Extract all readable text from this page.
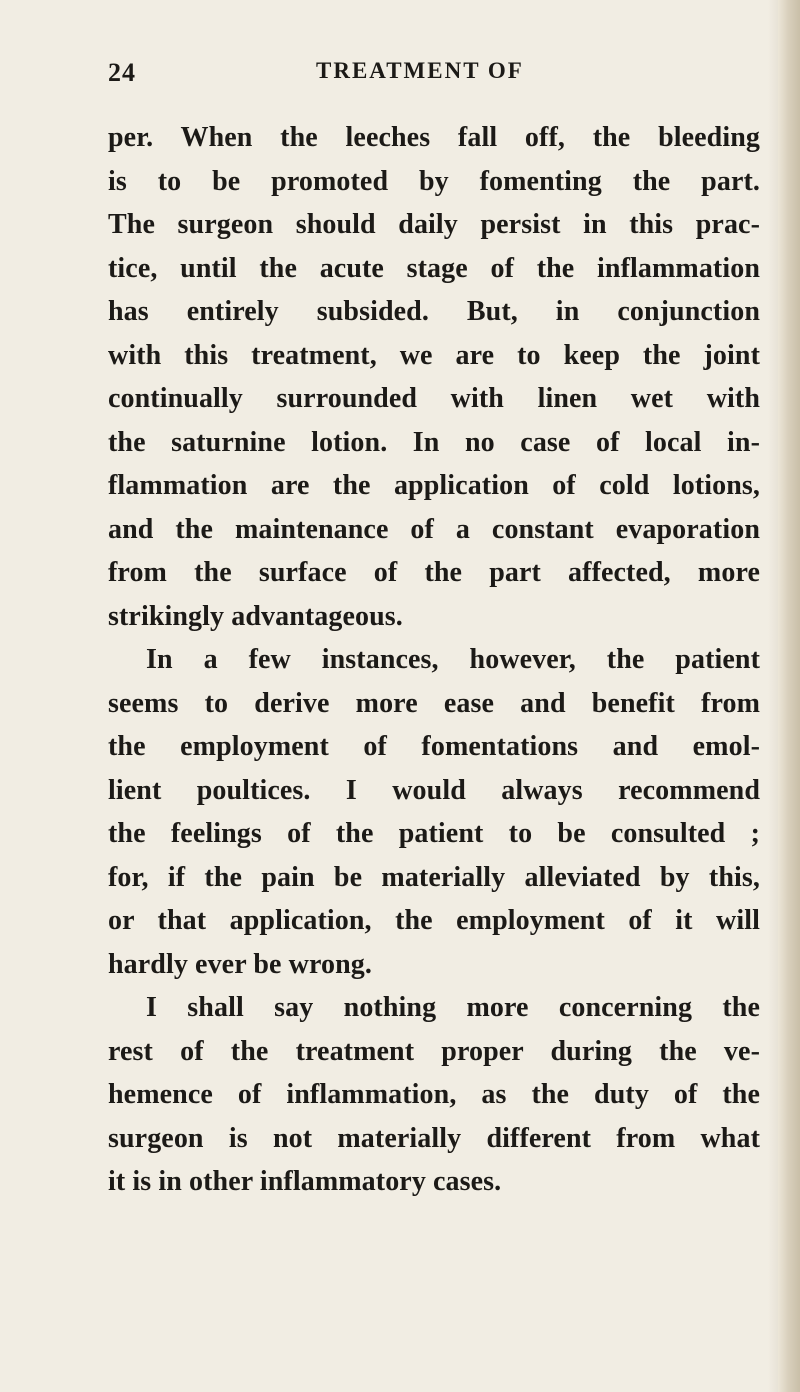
24	TREATMENT OF
per. When the leeches fall off, the bleeding
is to be promoted by fomenting the part.
The surgeon should daily persist in this prac-
tice, until the acute stage of the inflammation
has entirely subsided. But, in conjunction
with this treatment, we are to keep the joint
continually surrounded with linen wet with
the saturnine lotion. In no case of local in-
flammation are the application of cold lotions,
and the maintenance of a constant evaporation
from the surface of the part affected, more
strikingly advantageous.
In a few instances, however, the patient
seems to derive more ease and benefit from
the employment of fomentations and emol-
lient poultices. I would always recommend
the feelings of the patient to be consulted ;
for, if the pain be materially alleviated by this,
or that application, the employment of it will
hardly ever be wrong.
I shall say nothing more concerning the
rest of the treatment proper during the ve-
hemence of inflammation, as the duty of the
surgeon is not materially different from what
it is in other inflammatory cases.
